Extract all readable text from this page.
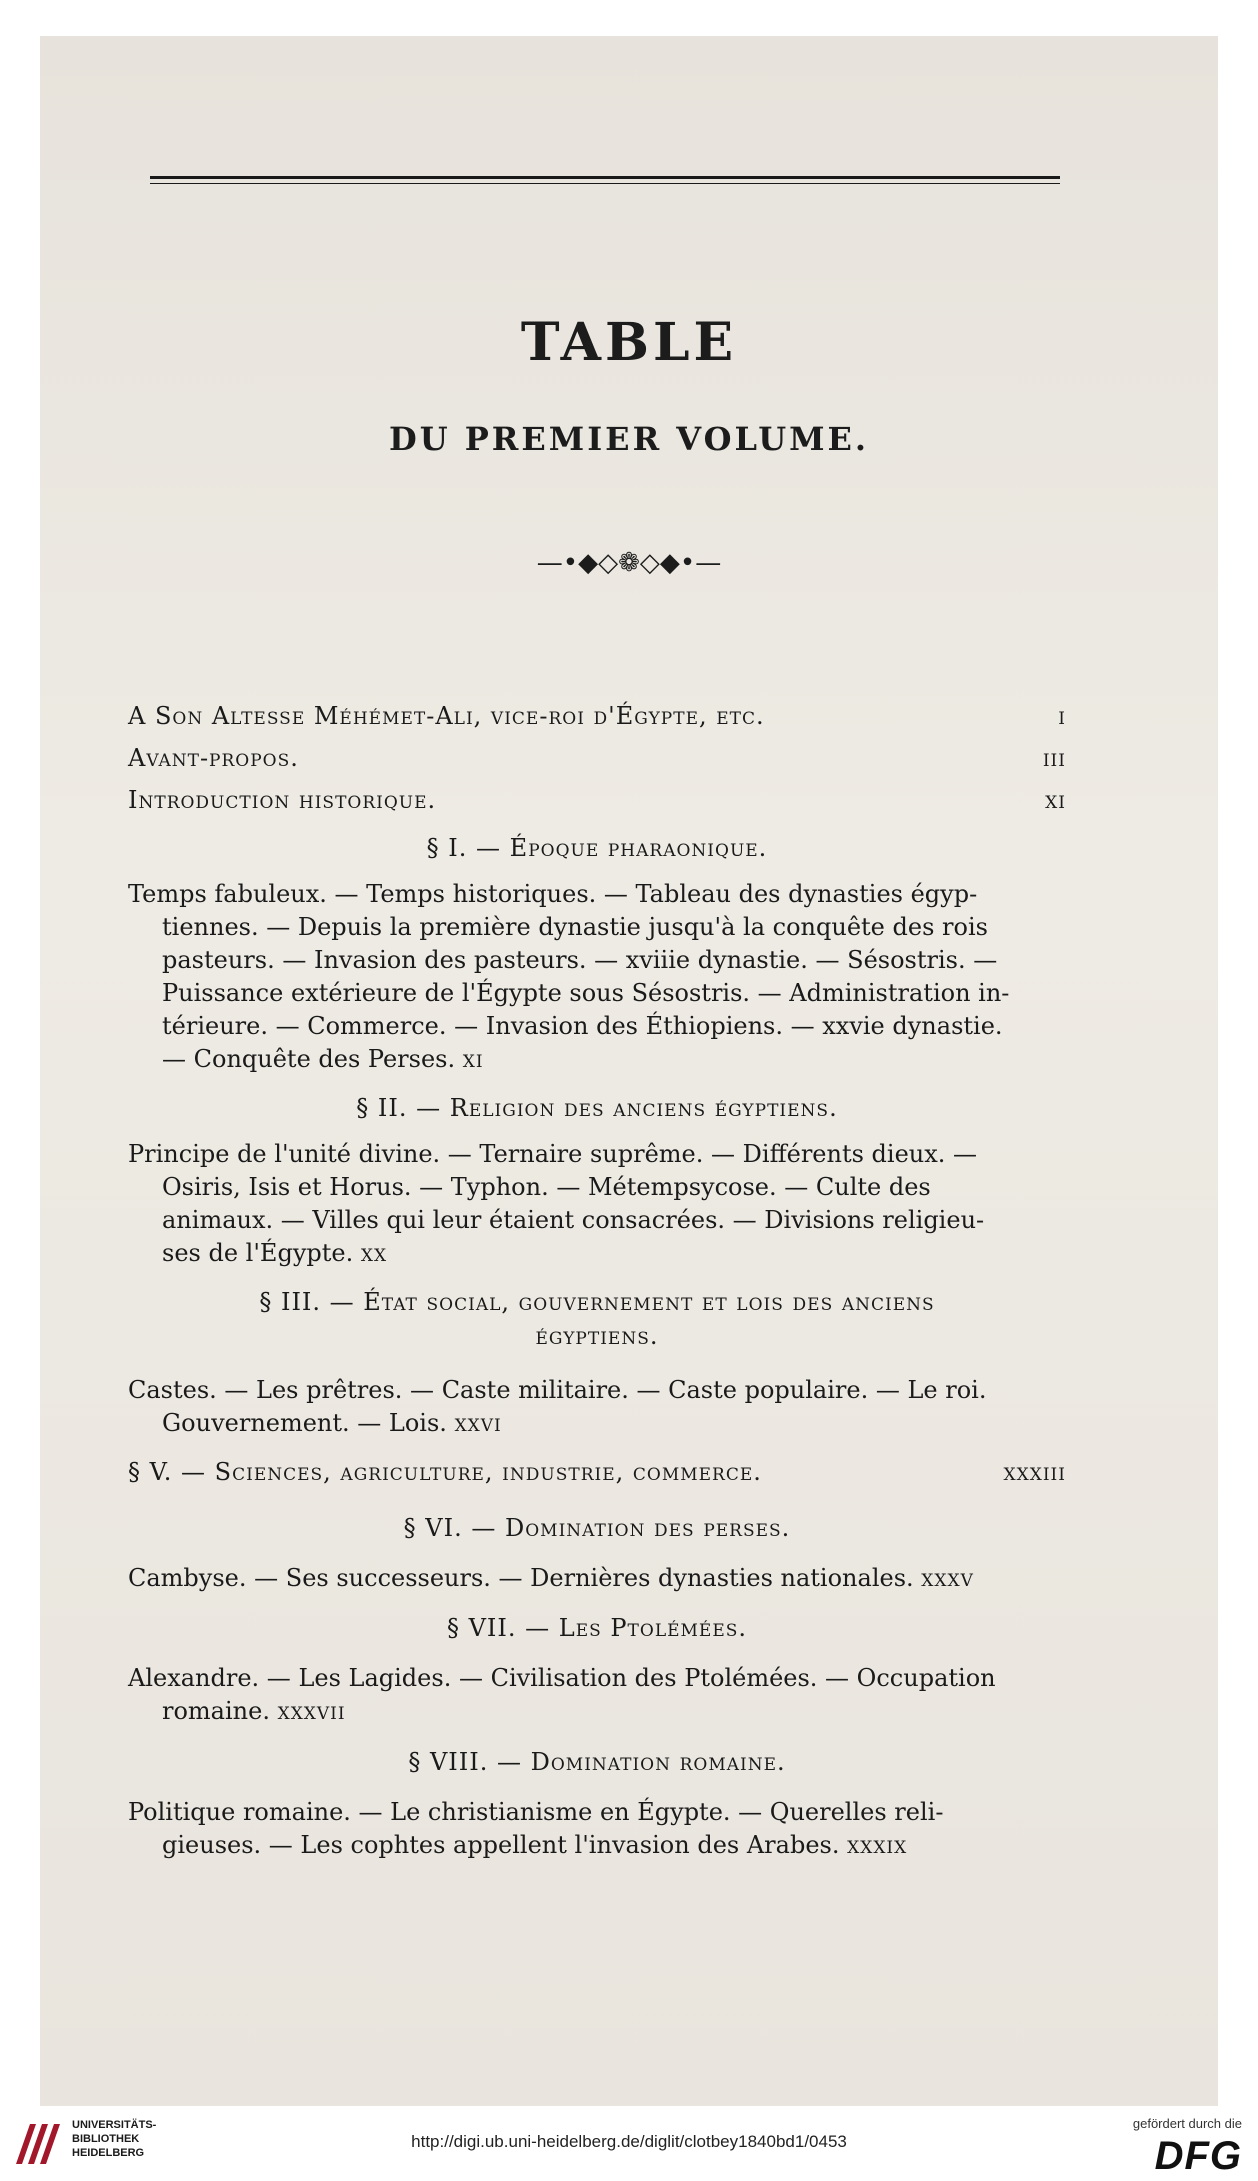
TABLE
DU PREMIER VOLUME.
—•◆◇❁◇◆•—
A Son Altesse Méhémet-Ali, vice-roi d'Égypte, etc.	i
Avant-propos.	iii
Introduction historique.	xi
§ I. — Époque pharaonique.
Temps fabuleux. — Temps historiques. — Tableau des dynasties égyp-
tiennes. — Depuis la première dynastie jusqu'à la conquête des rois
pasteurs. — Invasion des pasteurs. — xviiie dynastie. — Sésostris. —
Puissance extérieure de l'Égypte sous Sésostris. — Administration in-
térieure. — Commerce. — Invasion des Éthiopiens. — xxvie dynastie.
— Conquête des Perses. xi
§ II. — Religion des anciens égyptiens.
Principe de l'unité divine. — Ternaire suprême. — Différents dieux. —
Osiris, Isis et Horus. — Typhon. — Métempsycose. — Culte des
animaux. — Villes qui leur étaient consacrées. — Divisions religieu-
ses de l'Égypte. xx
§ III. — État social, gouvernement et lois des anciens
égyptiens.
Castes. — Les prêtres. — Caste militaire. — Caste populaire. — Le roi.
Gouvernement. — Lois. xxvi
§ V. — Sciences, agriculture, industrie, commerce.	xxxiii
§ VI. — Domination des perses.
Cambyse. — Ses successeurs. — Dernières dynasties nationales. xxxv
§ VII. — Les Ptolémées.
Alexandre. — Les Lagides. — Civilisation des Ptolémées. — Occupation
romaine. xxxvii
§ VIII. — Domination romaine.
Politique romaine. — Le christianisme en Égypte. — Querelles reli-
gieuses. — Les cophtes appellent l'invasion des Arabes. xxxix
UNIVERSITÄTS-
BIBLIOTHEK
HEIDELBERG
http://digi.ub.uni-heidelberg.de/diglit/clotbey1840bd1/0453
gefördert durch die
DFG
